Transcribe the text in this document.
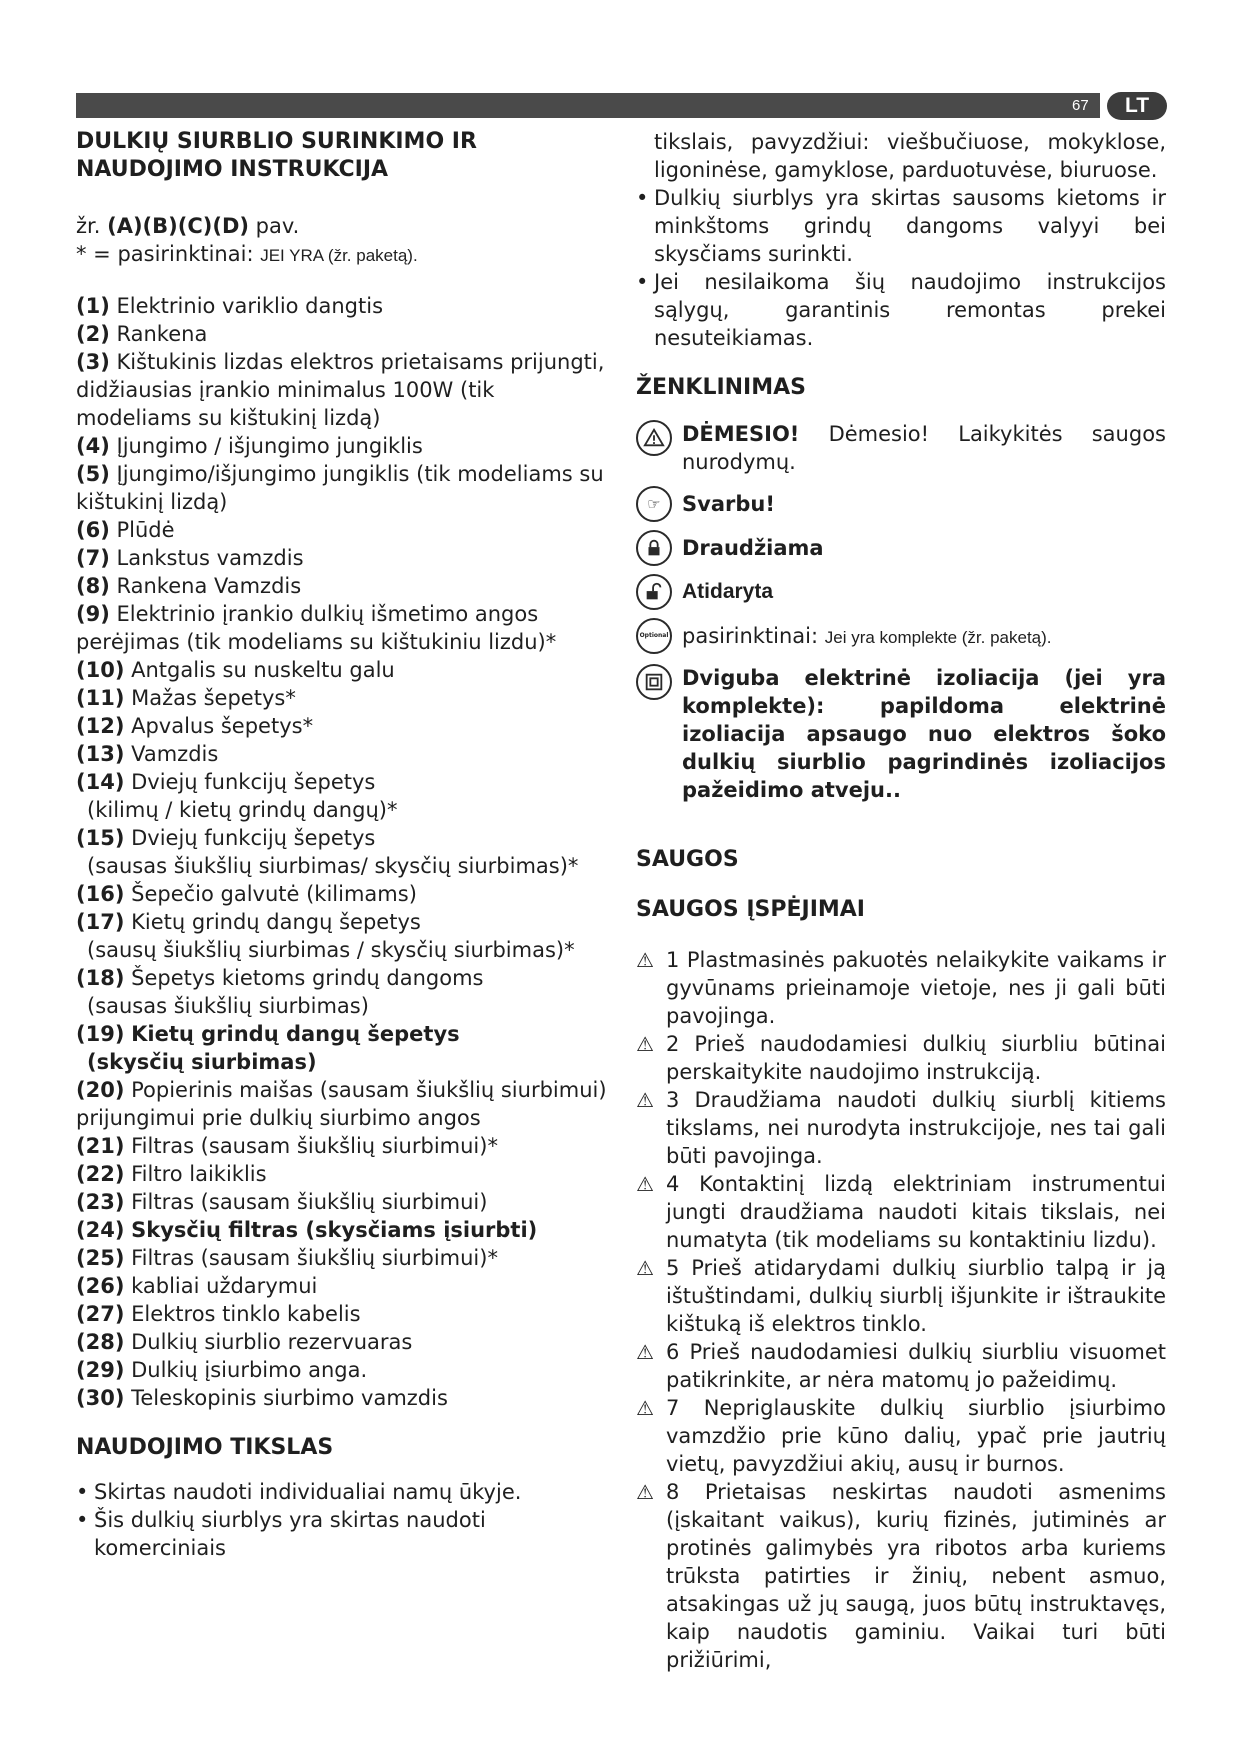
67	LT

DULKIŲ SIURBLIO SURINKIMO IR NAUDOJIMO INSTRUKCIJA

žr. (A)(B)(C)(D) pav.

* = pasirinktinai: JEI YRA (žr. paketą).

(1) Elektrinio variklio dangtis
(2) Rankena
(3) Kištukinis lizdas elektros prietaisams prijungti, didžiausias įrankio minimalus 100W (tik modeliams su kištukinį lizdą)
(4) Įjungimo / išjungimo jungiklis
(5) Įjungimo/išjungimo jungiklis (tik modeliams su kištukinį lizdą)
(6) Plūdė
(7) Lankstus vamzdis
(8) Rankena Vamzdis
(9) Elektrinio įrankio dulkių išmetimo angos perėjimas (tik modeliams su kištukiniu lizdu)*
(10) Antgalis su nuskeltu galu
(11) Mažas šepetys*
(12) Apvalus šepetys*
(13) Vamzdis
(14) Dviejų funkcijų šepetys
(kilimų / kietų grindų dangų)*
(15) Dviejų funkcijų šepetys
(sausas šiukšlių siurbimas/ skysčių siurbimas)*
(16) Šepečio galvutė (kilimams)
(17) Kietų grindų dangų šepetys
(sausų šiukšlių siurbimas / skysčių siurbimas)*
(18) Šepetys kietoms grindų dangoms
(sausas šiukšlių siurbimas)
(19) Kietų grindų dangų šepetys
(skysčių siurbimas)
(20) Popierinis maišas (sausam šiukšlių siurbimui) prijungimui prie dulkių siurbimo angos
(21) Filtras (sausam šiukšlių siurbimui)*
(22) Filtro laikiklis
(23) Filtras (sausam šiukšlių siurbimui)
(24) Skysčių filtras (skysčiams įsiurbti)
(25) Filtras (sausam šiukšlių siurbimui)*
(26) kabliai uždarymui
(27) Elektros tinklo kabelis
(28) Dulkių siurblio rezervuaras
(29) Dulkių įsiurbimo anga.
(30) Teleskopinis siurbimo vamzdis

NAUDOJIMO TIKSLAS

• Skirtas naudoti individualiai namų ūkyje.
• Šis dulkių siurblys yra skirtas naudoti komerciniais

tikslais, pavyzdžiui: viešbučiuose, mokyklose, ligoninėse, gamyklose, parduotuvėse, biuruose.

• Dulkių siurblys yra skirtas sausoms kietoms ir minkštoms grindų dangoms valyyi bei skysčiams surinkti.
• Jei nesilaikoma šių naudojimo instrukcijos sąlygų, garantinis remontas prekei nesuteikiamas.

ŽENKLINIMAS

DĖMESIO! Dėmesio! Laikykitės saugos nurodymų.

☞	Svarbu!

Draudžiama

Atidaryta

Optional pasirinktinai: Jei yra komplekte (žr. paketą).

Dviguba elektrinė izoliacija (jei yra komplekte): papildoma elektrinė izoliacija apsaugo nuo elektros šoko dulkių siurblio pagrindinės izoliacijos pažeidimo atveju..

SAUGOS

SAUGOS ĮSPĖJIMAI

⚠ 1 Plastmasinės pakuotės nelaikykite vaikams ir gyvūnams prieinamoje vietoje, nes ji gali būti pavojinga.

⚠ 2 Prieš naudodamiesi dulkių siurbliu būtinai perskaitykite naudojimo instrukciją.

⚠ 3 Draudžiama naudoti dulkių siurblį kitiems tikslams, nei nurodyta instrukcijoje, nes tai gali būti pavojinga.

⚠ 4 Kontaktinį lizdą elektriniam instrumentui jungti draudžiama naudoti kitais tikslais, nei numatyta (tik modeliams su kontaktiniu lizdu).

⚠ 5 Prieš atidarydami dulkių siurblio talpą ir ją ištuštindami, dulkių siurblį išjunkite ir ištraukite kištuką iš elektros tinklo.

⚠ 6 Prieš naudodamiesi dulkių siurbliu visuomet patikrinkite, ar nėra matomų jo pažeidimų.

⚠ 7 Nepriglauskite dulkių siurblio įsiurbimo vamzdžio prie kūno dalių, ypač prie jautrių vietų, pavyzdžiui akių, ausų ir burnos.

⚠ 8 Prietaisas neskirtas naudoti asmenims (įskaitant vaikus), kurių fizinės, jutiminės ar protinės galimybės yra ribotos arba kuriems trūksta patirties ir žinių, nebent asmuo, atsakingas už jų saugą, juos būtų instruktavęs, kaip naudotis gaminiu. Vaikai turi būti prižiūrimi,
